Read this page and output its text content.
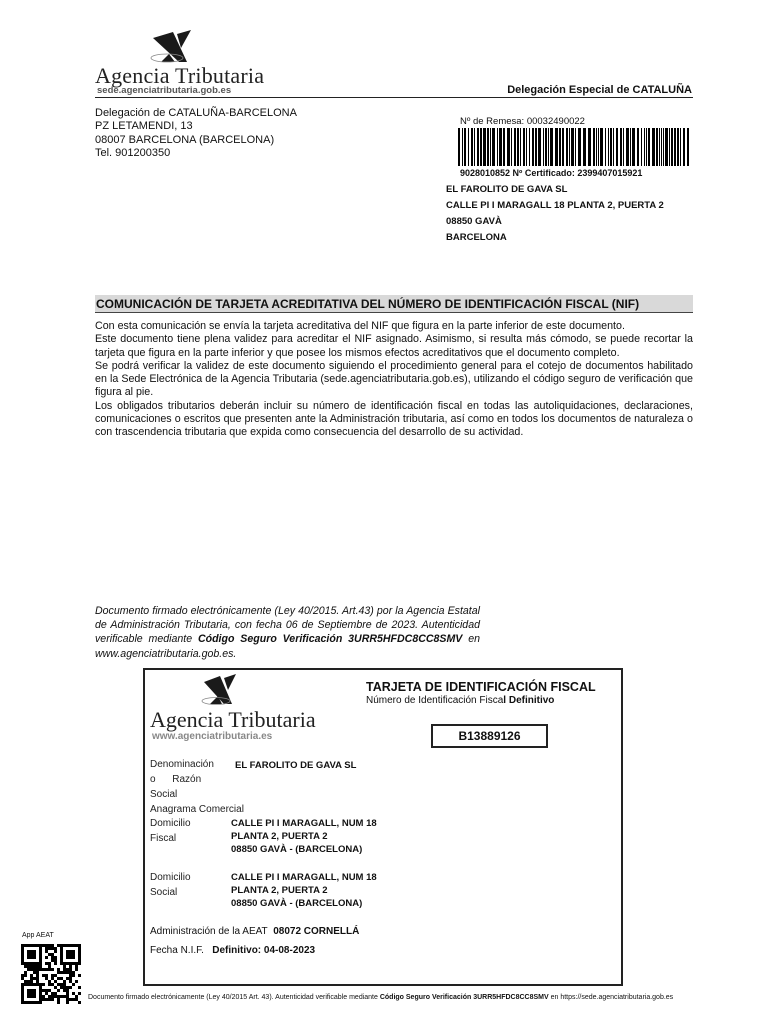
Agencia Tributaria
sede.agenciatributaria.gob.es	Delegación Especial de CATALUÑA
Delegación de CATALUÑA-BARCELONA
PZ LETAMENDI, 13
08007 BARCELONA (BARCELONA)
Tel. 901200350
Nº de Remesa: 00032490022
9028010852 Nº Certificado: 2399407015921
EL FAROLITO DE GAVA SL
CALLE PI I MARAGALL 18 PLANTA 2, PUERTA 2
08850 GAVÀ
BARCELONA
COMUNICACIÓN DE TARJETA ACREDITATIVA DEL NÚMERO DE IDENTIFICACIÓN FISCAL (NIF)

Con esta comunicación se envía la tarjeta acreditativa del NIF que figura en la parte inferior de este documento.

Este documento tiene plena validez para acreditar el NIF asignado. Asimismo, si resulta más cómodo, se puede recortar la tarjeta que figura en la parte inferior y que posee los mismos efectos acreditativos que el documento completo.

Se podrá verificar la validez de este documento siguiendo el procedimiento general para el cotejo de documentos habilitado en la Sede Electrónica de la Agencia Tributaria (sede.agenciatributaria.gob.es), utilizando el código seguro de verificación que figura al pie.

Los obligados tributarios deberán incluir su número de identificación fiscal en todas las autoliquidaciones, declaraciones, comunicaciones o escritos que presenten ante la Administración tributaria, así como en todos los documentos de naturaleza o con trascendencia tributaria que expida como consecuencia del desarrollo de su actividad.

Documento firmado electrónicamente (Ley 40/2015. Art.43) por la Agencia Estatal de Administración Tributaria, con fecha 06 de Septiembre de 2023. Autenticidad verificable mediante Código Seguro Verificación 3URR5HFDC8CC8SMV en www.agenciatributaria.gob.es.
Agencia Tributaria
www.agenciatributaria.es
TARJETA DE IDENTIFICACIÓN FISCAL
Número de Identificación Fiscal Definitivo
B13889126
Denominación
o      Razón
Social
EL FAROLITO DE GAVA SL
Anagrama Comercial
Domicilio
Fiscal
CALLE PI I MARAGALL, NUM 18
PLANTA 2, PUERTA 2
08850 GAVÀ - (BARCELONA)
Domicilio
Social
CALLE PI I MARAGALL, NUM 18
PLANTA 2, PUERTA 2
08850 GAVÀ - (BARCELONA)
Administración de la AEAT 08072 CORNELLÁ
Fecha N.I.F. Definitivo: 04-08-2023
App AEAT
Documento firmado electrónicamente (Ley 40/2015 Art. 43). Autenticidad verificable mediante Código Seguro Verificación 3URR5HFDC8CC8SMV en https://sede.agenciatributaria.gob.es
